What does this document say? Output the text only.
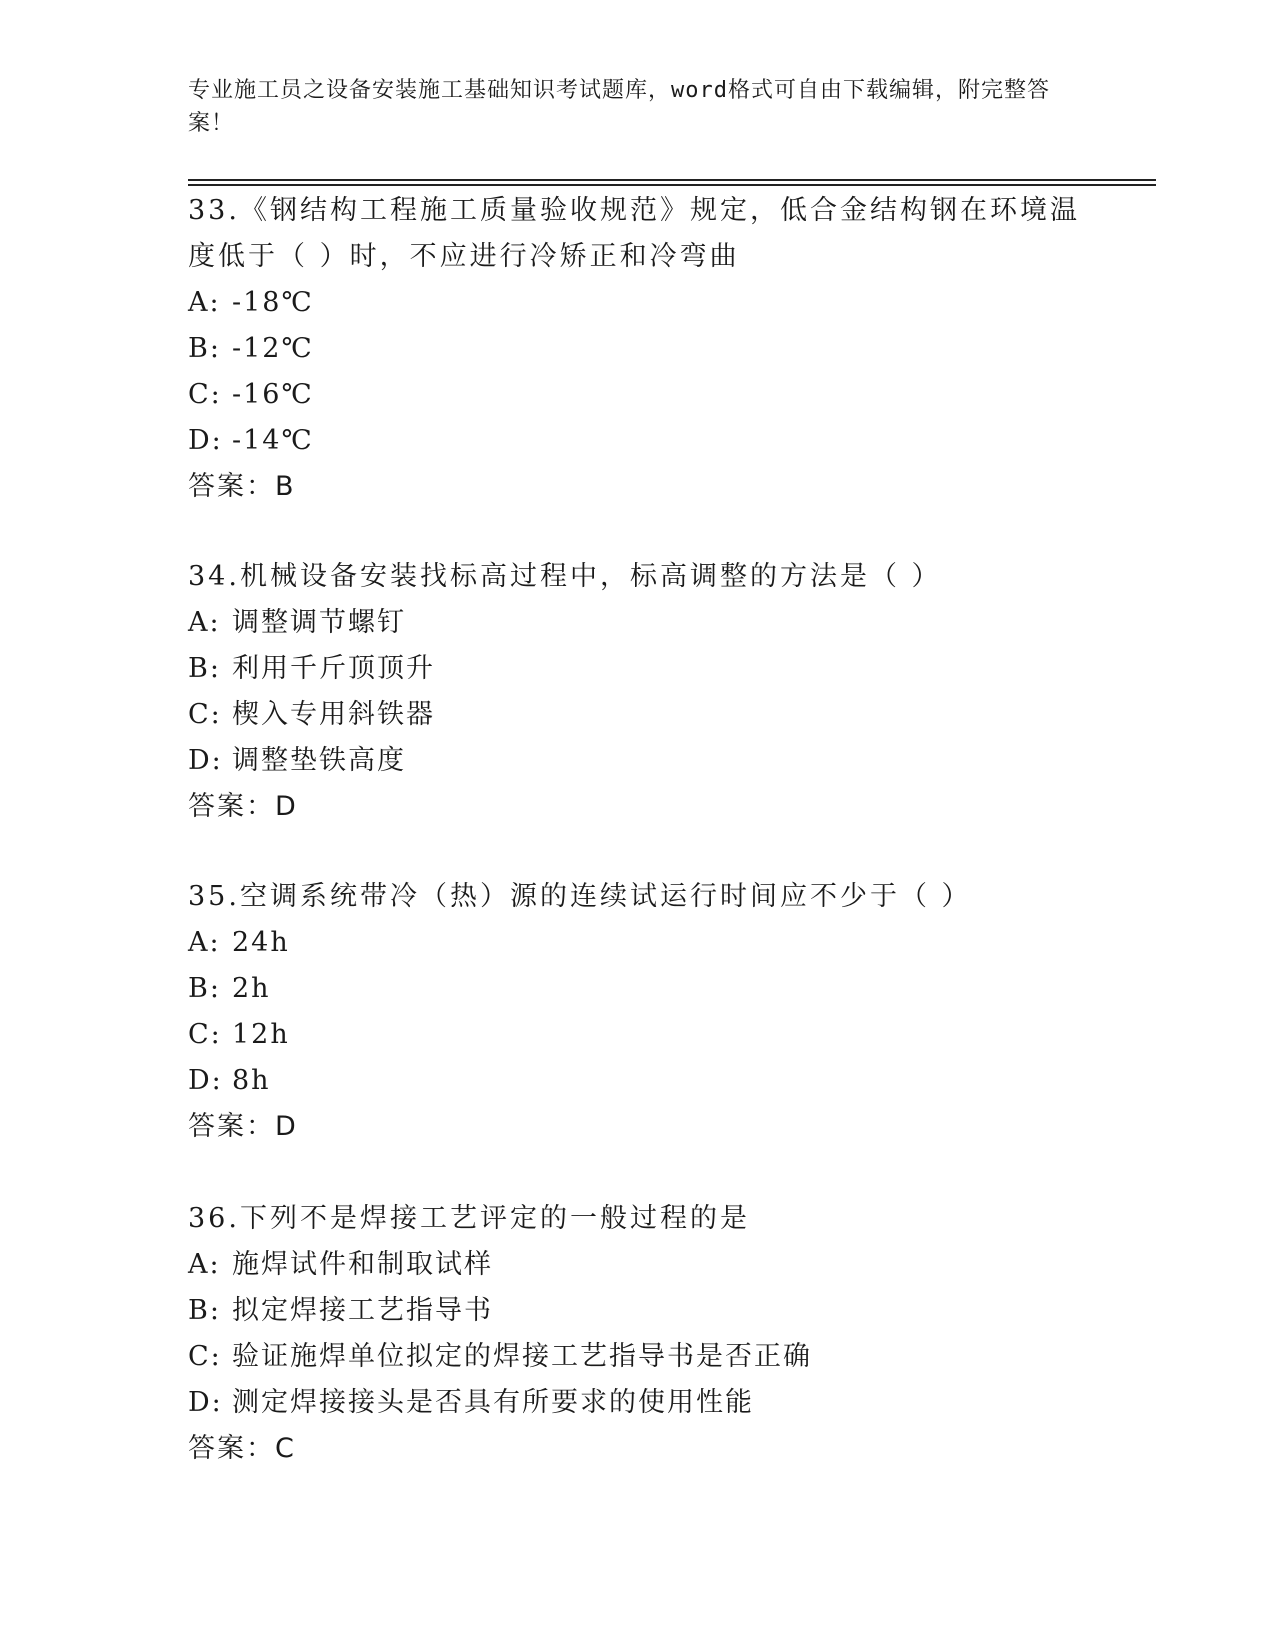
专业施工员之设备安装施工基础知识考试题库，word格式可自由下载编辑，附完整答案！

33.《钢结构工程施工质量验收规范》规定，低合金结构钢在环境温度低于（ ）时，不应进行冷矫正和冷弯曲

A: -18℃

B: -12℃

C: -16℃

D: -14℃

答案：B

34.机械设备安装找标高过程中，标高调整的方法是（ ）

A: 调整调节螺钉

B: 利用千斤顶顶升

C: 楔入专用斜铁器

D: 调整垫铁高度

答案：D

35.空调系统带冷（热）源的连续试运行时间应不少于（ ）

A: 24h

B: 2h

C: 12h

D: 8h

答案：D

36.下列不是焊接工艺评定的一般过程的是

A: 施焊试件和制取试样

B: 拟定焊接工艺指导书

C: 验证施焊单位拟定的焊接工艺指导书是否正确

D: 测定焊接接头是否具有所要求的使用性能

答案：C
